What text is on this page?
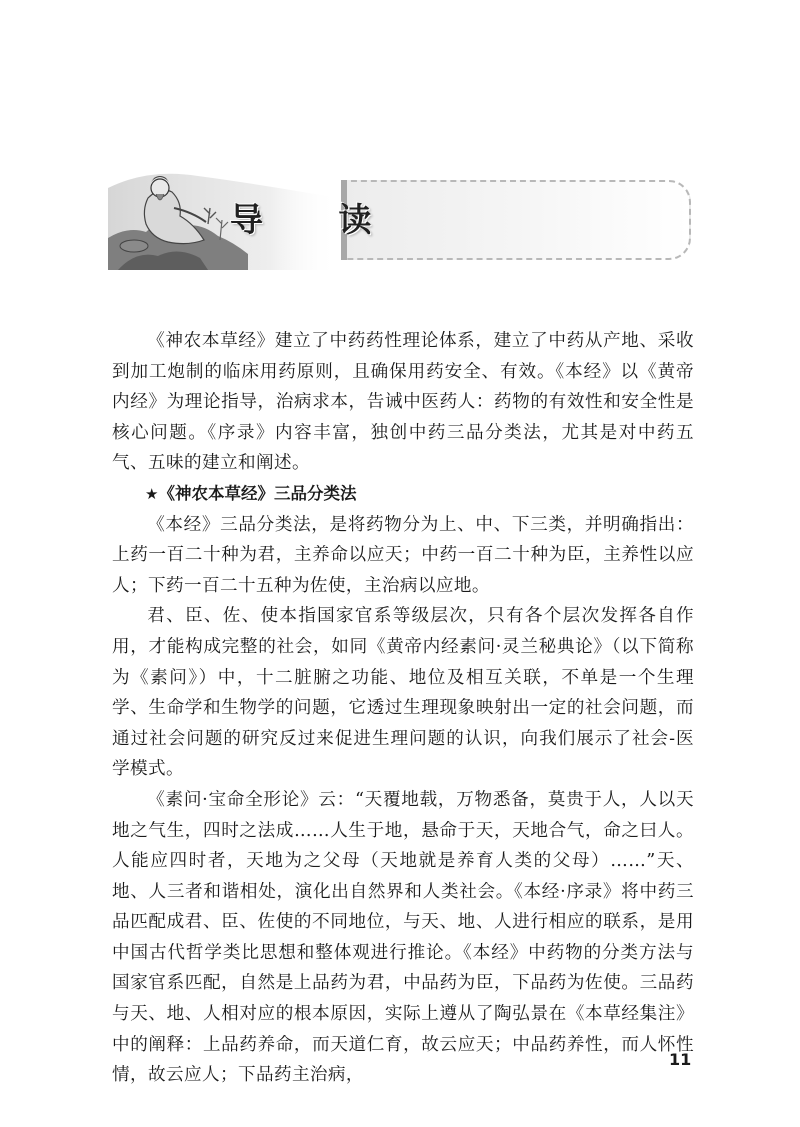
导 读

《神农本草经》建立了中药药性理论体系，建立了中药从产地、采收到加工炮制的临床用药原则，且确保用药安全、有效。《本经》以《黄帝内经》为理论指导，治病求本，告诫中医药人：药物的有效性和安全性是核心问题。《序录》内容丰富，独创中药三品分类法，尤其是对中药五气、五味的建立和阐述。

★《神农本草经》三品分类法

《本经》三品分类法，是将药物分为上、中、下三类，并明确指出：上药一百二十种为君，主养命以应天；中药一百二十种为臣，主养性以应人；下药一百二十五种为佐使，主治病以应地。

君、臣、佐、使本指国家官系等级层次，只有各个层次发挥各自作用，才能构成完整的社会，如同《黄帝内经素问·灵兰秘典论》（以下简称为《素问》）中，十二脏腑之功能、地位及相互关联，不单是一个生理学、生命学和生物学的问题，它透过生理现象映射出一定的社会问题，而通过社会问题的研究反过来促进生理问题的认识，向我们展示了社会-医学模式。

《素问·宝命全形论》云：“天覆地载，万物悉备，莫贵于人，人以天地之气生，四时之法成……人生于地，悬命于天，天地合气，命之曰人。人能应四时者，天地为之父母（天地就是养育人类的父母）……”天、地、人三者和谐相处，演化出自然界和人类社会。《本经·序录》将中药三品匹配成君、臣、佐使的不同地位，与天、地、人进行相应的联系，是用中国古代哲学类比思想和整体观进行推论。《本经》中药物的分类方法与国家官系匹配，自然是上品药为君，中品药为臣，下品药为佐使。三品药与天、地、人相对应的根本原因，实际上遵从了陶弘景在《本草经集注》中的阐释：上品药养命，而天道仁育，故云应天；中品药养性，而人怀性情，故云应人；下品药主治病，

11
